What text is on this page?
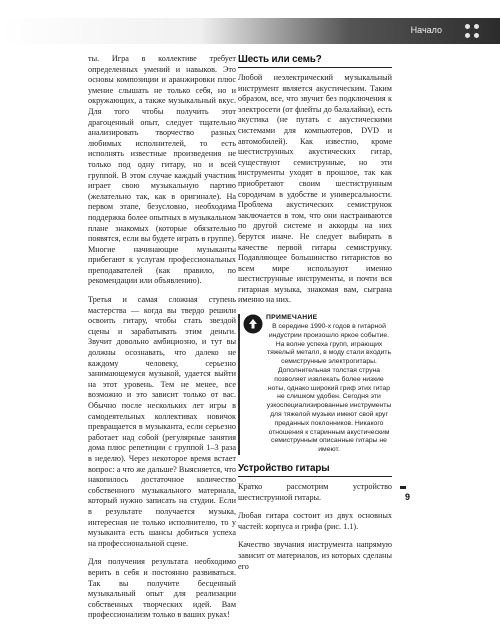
Начало

ты. Игра в коллективе требует определенных умений и навыков. Это основы композиции и аранжировки плюс умение слышать не только себя, но и окружающих, а также музыкальный вкус. Для того чтобы получить этот драгоценный опыт, следует тщательно анализировать творчество разных любимых исполнителей, то есть исполнять известные произведения не только под одну гитару, но и всей группой. В этом случае каждый участник играет свою музыкальную партию (желательно так, как в оригинале). На первом этапе, безусловно, необходима поддержка более опытных в музыкальном плане знакомых (которые обязательно появятся, если вы будете играть в группе). Многие начинающие музыканты прибегают к услугам профессиональных преподавателей (как правило, по рекомендации или объявлению).

Третья и самая сложная ступень мастерства — когда вы твердо решили освоить гитару, чтобы стать звездой сцены и зарабатывать этим деньги. Звучит довольно амбициозно, и тут вы должны осознавать, что далеко не каждому человеку, серьезно занимающемуся музыкой, удается выйти на этот уровень. Тем не менее, все возможно и это зависит только от вас. Обычно после нескольких лет игры в самодеятельных коллективах новичок превращается в музыканта, если серьезно работает над собой (регулярные занятия дома плюс репетиции с группой 1–3 раза в неделю). Через некоторое время встает вопрос: а что же дальше? Выясняется, что накопилось достаточное количество собственного музыкального материала, который нужно записать на студии. Если в результате получается музыка, интересная не только исполнителю, то у музыканта есть шансы добиться успеха на профессиональной сцене.

Для получения результата необходимо верить в себя и постоянно развиваться. Так вы получите бесценный музыкальный опыт для реализации собственных творческих идей. Вам профессионализм только в ваших руках!

Шесть или семь?

Любой неэлектрический музыкальный инструмент является акустическим. Таким образом, все, что звучит без подключения к электросети (от флейты до балалайки), есть акустика (не путать с акустическими системами для компьютеров, DVD и автомобилей). Как известно, кроме шестиструнных акустических гитар, существуют семиструнные, но эти инструменты уходят в прошлое, так как приобретают своим шестиструнным сородичам в удобстве и универсальности. Проблема акустических семиструнок заключается в том, что они настраиваются по другой системе и аккорды на них берутся иначе. Не следует выбирать в качестве первой гитары семиструнку. Подавляющее большинство гитаристов во всем мире используют именно шестиструнные инструменты, и почти вся гитарная музыка, знакомая вам, сыграна именно на них.

ПРИМЕЧАНИЕ

В середине 1990-х годов в гитарной индустрии произошло яркое событие. На волне успеха групп, играющих тяжелый металл, в моду стали входить семиструнные электрогитары. Дополнительная толстая струна позволяет извлекать более низкие ноты, однако широкий гриф этих гитар не слишком удобен. Сегодня эти узкоспециализированные инструменты для тяжелой музыки имеют свой круг преданных поклонников. Никакого отношения к старинным акустическим семиструнным описанные гитары не имеют.

Устройство гитары

Кратко рассмотрим устройство шестиструнной гитары.

Любая гитара состоит из двух основных частей: корпуса и грифа (рис. 1.1).

Качество звучания инструмента напрямую зависит от материалов, из которых сделаны его

9
